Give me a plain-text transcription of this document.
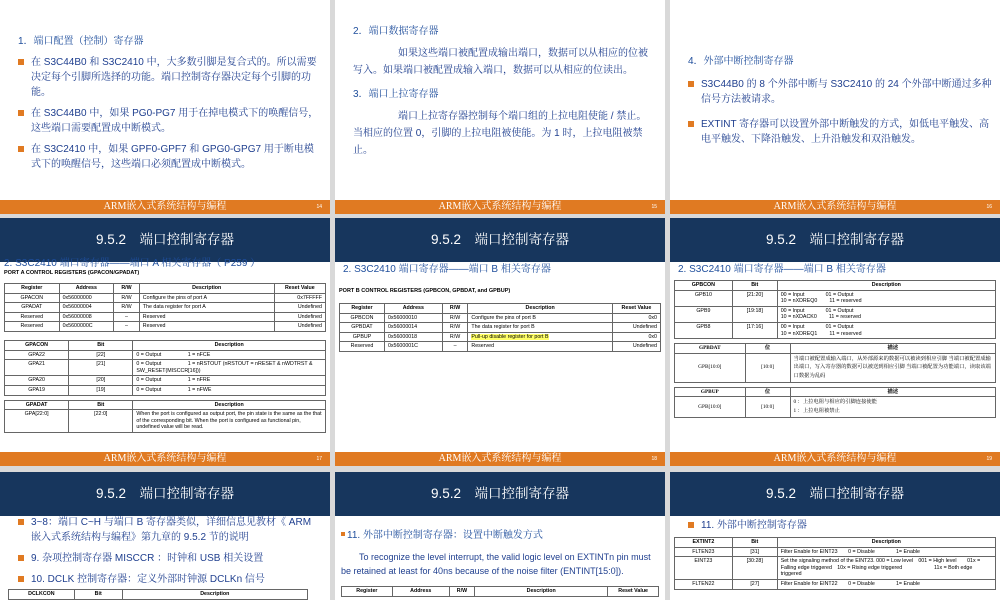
1．端口配置（控制）寄存器
在 S3C44B0 和 S3C2410 中，大多数引脚是复合式的。所以需要决定每个引脚所选择的功能。端口控制寄存器决定每个引脚的功能。
在 S3C44B0 中，如果 PG0-PG7 用于在掉电模式下的唤醒信号，这些端口需要配置成中断模式。
在 S3C2410 中，如果 GPF0-GPF7 和 GPG0-GPG7 用于断电模式下的唤醒信号，这些端口必须配置成中断模式。
ARM嵌入式系统结构与编程	14
2．端口数据寄存器
如果这些端口被配置成输出端口，数据可以从相应的位被写入。如果端口被配置成输入端口，数据可以从相应的位读出。
3．端口上拉寄存器
端口上拉寄存器控制每个端口组的上拉电阻使能 / 禁止。当相应的位置 0，引脚的上拉电阻被使能。为 1 时，上拉电阻被禁止。
ARM嵌入式系统结构与编程	15
4．外部中断控制寄存器
S3C44B0 的 8 个外部中断与 S3C2410 的 24 个外部中断通过多种信号方法被请求。
EXTINT 寄存器可以设置外部中断触发的方式，如低电平触发、高电平触发、下降沿触发、上升沿触发和双沿触发。
ARM嵌入式系统结构与编程	16
9.5.2　端口控制寄存器
2. S3C2410 端口寄存器——端口 A 相关寄存器（ P259 ）
PORT A CONTROL REGISTERS (GPACON/GPADAT)
Register	Address	R/W	Description	Reset Value
GPACON	0x56000000	R/W	Configure the pins of port A	0x7FFFFF
GPADAT	0x56000004	R/W	The data register for port A	Undefined
Reserved	0x56000008	–	Reserved	Undefined
Reserved	0x5600000C	–	Reserved	Undefined
GPACON	Bit	Description
GPA22	[22]	0 = Output　　　　　1 = nFCE
GPA21	[21]	0 = Output　　　　　1 = nRSTOUT (nRSTOUT = nRESET & nWDTRST & SW_RESET(MISCCR[16]))
GPA20	[20]	0 = Output　　　　　1 = nFRE
GPA19	[19]	0 = Output　　　　　1 = nFWE
GPADAT	Bit	Description
GPA[22:0]	[22:0]	When the port is configured as output port, the pin state is the same as the that of the corresponding bit. When the port is configured as functional pin, undefined value will be read.
ARM嵌入式系统结构与编程	17
9.5.2　端口控制寄存器
2. S3C2410 端口寄存器——端口 B 相关寄存器
PORT B CONTROL REGISTERS (GPBCON, GPBDAT, and GPBUP)
Register	Address	R/W	Description	Reset Value
GPBCON	0x56000010	R/W	Configure the pins of port B	0x0
GPBDAT	0x56000014	R/W	The data register for port B	Undefined
GPBUP	0x56000018	R/W	Pull-up disable register for port B	0x0
Reserved	0x5600001C	–	Reserved	Undefined
ARM嵌入式系统结构与编程	18
9.5.2　端口控制寄存器
2. S3C2410 端口寄存器——端口 B 相关寄存器
GPBCON	Bit	Description
GPB10	[21:20]	00 = Input　　　　01 = Output
10 = nXDREQ0　　 11 = reserved

GPB9	[19:18]	00 = Input　　　　01 = Output
10 = nXDACK0　　 11 = reserved

GPB8	[17:16]	00 = Input　　　　01 = Output
10 = nXDREQ1　　 11 = reserved
GPBDAT	位	描述
GPB[10:0]	[10:0]	当端口被配置成输入端口，从外部源来的数据可以被读到相应引脚 当端口被配置成输出端口，写入寄存器的数据可以被送到相应引脚 当端口被配置为功能端口，读取该端口数据为乱码
GPBUP	位	描述
GPB[10:0]	[10:0]	0 ：上拉电阻与相应的引脚连接使能
1 ：上拉电阻被禁止
ARM嵌入式系统结构与编程	19
9.5.2　端口控制寄存器
3~8：端口 C~H 与端口 B 寄存器类似，详细信息见教材《 ARM 嵌入式系统结构与编程》第九章的 9.5.2 节的说明
9. 杂项控制寄存器 MISCCR ：时钟和 USB 相关设置
10. DCLK 控制寄存器：定义外部时钟源 DCLKn 信号
DCLKCON	Bit	Description
9.5.2　端口控制寄存器
11. 外部中断控制寄存器：设置中断触发方式
To recognize the level interrupt, the valid logic level on EXTINTn pin must be retained at least for 40ns because of the noise filter (ENTINT[15:0]).
Register	Address	R/W	Description	Reset Value
9.5.2　端口控制寄存器
11. 外部中断控制寄存器
EXTINT2	Bit	Description
FLTEN23	[31]	Filter Enable for EINT23　　0 = Disable　　　　1= Enable
EINT23	[30:28]	Set the signaling method of the EINT23. 000 = Low level　001 = High level　　01x = Falling edge triggered　10x = Rising edge triggered　　　　　　11x = Both edge triggered
FLTEN22	[27]	Filter Enable for EINT22　　0 = Disable　　　　1= Enable
